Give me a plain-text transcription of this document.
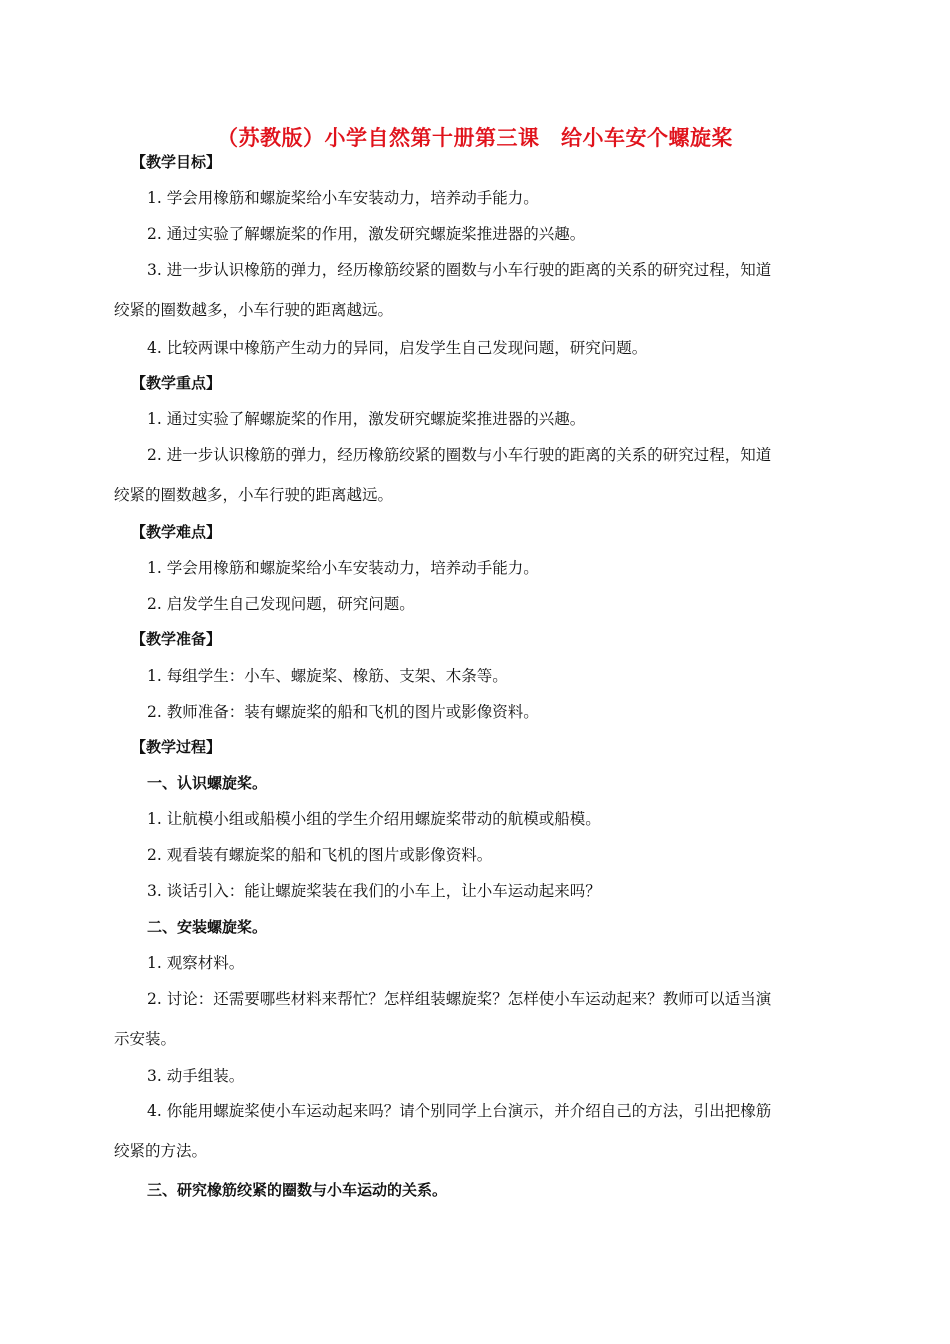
（苏教版）小学自然第十册第三课　给小车安个螺旋桨
【教学目标】
1. 学会用橡筋和螺旋桨给小车安装动力，培养动手能力。
2. 通过实验了解螺旋桨的作用，激发研究螺旋桨推进器的兴趣。
3. 进一步认识橡筋的弹力，经历橡筋绞紧的圈数与小车行驶的距离的关系的研究过程，知道
绞紧的圈数越多，小车行驶的距离越远。
4. 比较两课中橡筋产生动力的异同，启发学生自己发现问题，研究问题。
【教学重点】
1. 通过实验了解螺旋桨的作用，激发研究螺旋桨推进器的兴趣。
2. 进一步认识橡筋的弹力，经历橡筋绞紧的圈数与小车行驶的距离的关系的研究过程，知道
绞紧的圈数越多，小车行驶的距离越远。
【教学难点】
1. 学会用橡筋和螺旋桨给小车安装动力，培养动手能力。
2. 启发学生自己发现问题，研究问题。
【教学准备】
1. 每组学生：小车、螺旋桨、橡筋、支架、木条等。
2. 教师准备：装有螺旋桨的船和飞机的图片或影像资料。
【教学过程】
一、认识螺旋桨。
1. 让航模小组或船模小组的学生介绍用螺旋桨带动的航模或船模。
2. 观看装有螺旋桨的船和飞机的图片或影像资料。
3. 谈话引入：能让螺旋桨装在我们的小车上，让小车运动起来吗？
二、安装螺旋桨。
1. 观察材料。
2. 讨论：还需要哪些材料来帮忙？怎样组装螺旋桨？怎样使小车运动起来？教师可以适当演
示安装。
3. 动手组装。
4. 你能用螺旋桨使小车运动起来吗？请个别同学上台演示，并介绍自己的方法，引出把橡筋
绞紧的方法。
三、研究橡筋绞紧的圈数与小车运动的关系。
